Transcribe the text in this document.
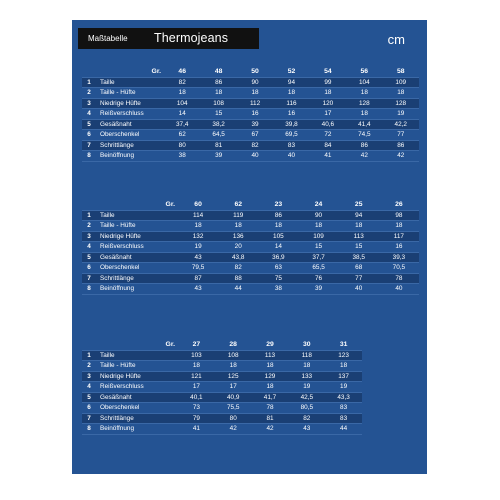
Maßtabelle Thermojeans	cm
	Gr.	46	48	50	52	54	56	58
1	Taille	82	86	90	94	99	104	109
2	Taille - Hüfte	18	18	18	18	18	18	18
3	Niedrige Hüfte	104	108	112	116	120	128	128
4	Reißverschluss	14	15	16	16	17	18	19
5	Gesäßnaht	37,4	38,2	39	39,8	40,6	41,4	42,2
6	Oberschenkel	62	64,5	67	69,5	72	74,5	77
7	Schrittlänge	80	81	82	83	84	86	86
8	Beinöffnung	38	39	40	40	41	42	42
	Gr.	60	62	23	24	25	26
1	Taille	114	119	86	90	94	98
2	Taille - Hüfte	18	18	18	18	18	18
3	Niedrige Hüfte	132	136	105	109	113	117
4	Reißverschluss	19	20	14	15	15	16
5	Gesäßnaht	43	43,8	36,9	37,7	38,5	39,3
6	Oberschenkel	79,5	82	63	65,5	68	70,5
7	Schrittlänge	87	88	75	76	77	78
8	Beinöffnung	43	44	38	39	40	40
	Gr.	27	28	29	30	31
1	Taille	103	108	113	118	123
2	Taille - Hüfte	18	18	18	18	18
3	Niedrige Hüfte	121	125	129	133	137
4	Reißverschluss	17	17	18	19	19
5	Gesäßnaht	40,1	40,9	41,7	42,5	43,3
6	Oberschenkel	73	75,5	78	80,5	83
7	Schrittlänge	79	80	81	82	83
8	Beinöffnung	41	42	42	43	44
